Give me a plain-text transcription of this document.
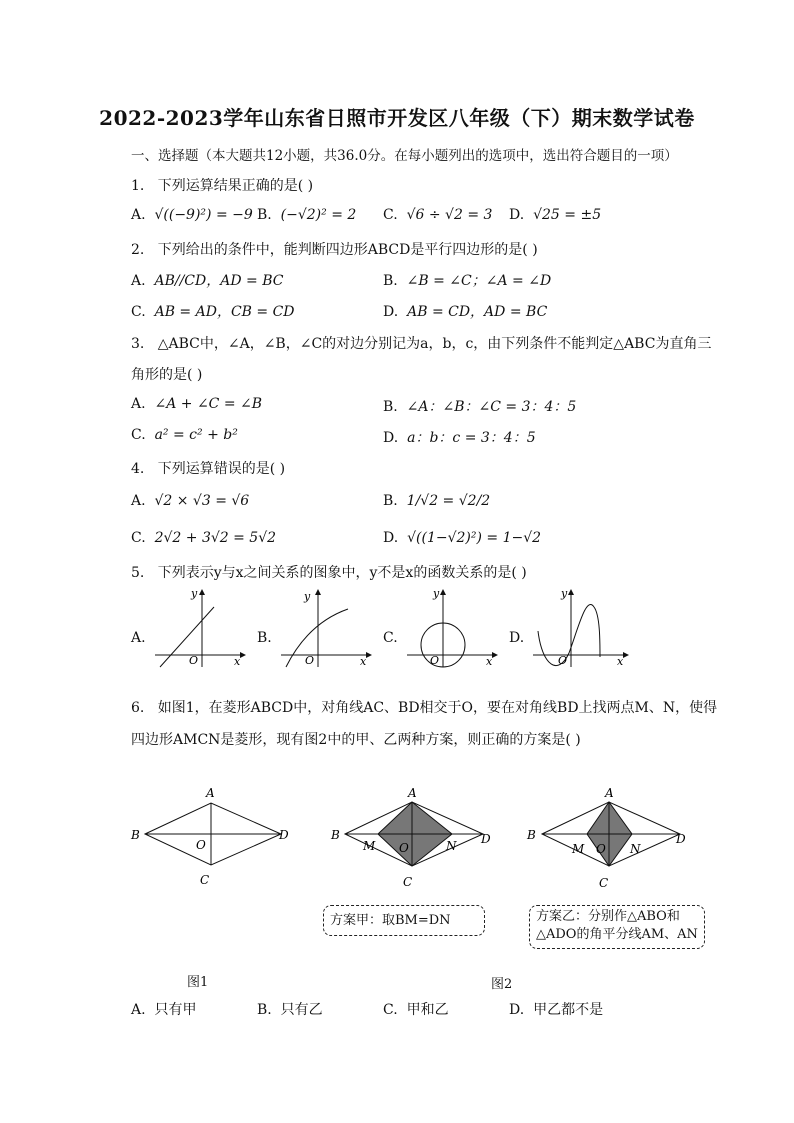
2022-2023学年山东省日照市开发区八年级（下）期末数学试卷
一、选择题（本大题共12小题，共36.0分。在每小题列出的选项中，选出符合题目的一项）
1. 下列运算结果正确的是( )
A. √((−9)²) = −9 B. (−√2)² = 2 C. √6 ÷ √2 = 3 D. √25 = ±5
2. 下列给出的条件中，能判断四边形ABCD是平行四边形的是( )
A. AB//CD，AD = BC	B. ∠B = ∠C；∠A = ∠D
C. AB = AD，CB = CD	D. AB = CD，AD = BC
3. △ABC中，∠A，∠B，∠C的对边分别记为a，b，c，由下列条件不能判定△ABC为直角三
角形的是( )
A. ∠A + ∠C = ∠B	B. ∠A：∠B：∠C = 3：4：5
C. a² = c² + b²	D. a：b：c = 3：4：5
4. 下列运算错误的是( )
A. √2 × √3 = √6	B. 1/√2 = √2/2
C. 2√2 + 3√2 = 5√2	D. √((1−√2)²) = 1−√2
5. 下列表示y与x之间关系的图象中，y不是x的函数关系的是( )
A.	B.	C.	D.
O	x
y
O	x
y
O	x
y
O	x
y
6. 如图1，在菱形ABCD中，对角线AC、BD相交于O，要在对角线BD上找两点M、N，使得
四边形AMCN是菱形，现有图2中的甲、乙两种方案，则正确的方案是( )
A
B	D
C
O
A
B	D
C
O
M	N
A
B	D
C
O
M	N
方案甲：取BM=DN	方案乙：分别作△ABO和
△ADO的角平分线AM、AN
图1	图2
A. 只有甲	B. 只有乙	C. 甲和乙	D. 甲乙都不是
